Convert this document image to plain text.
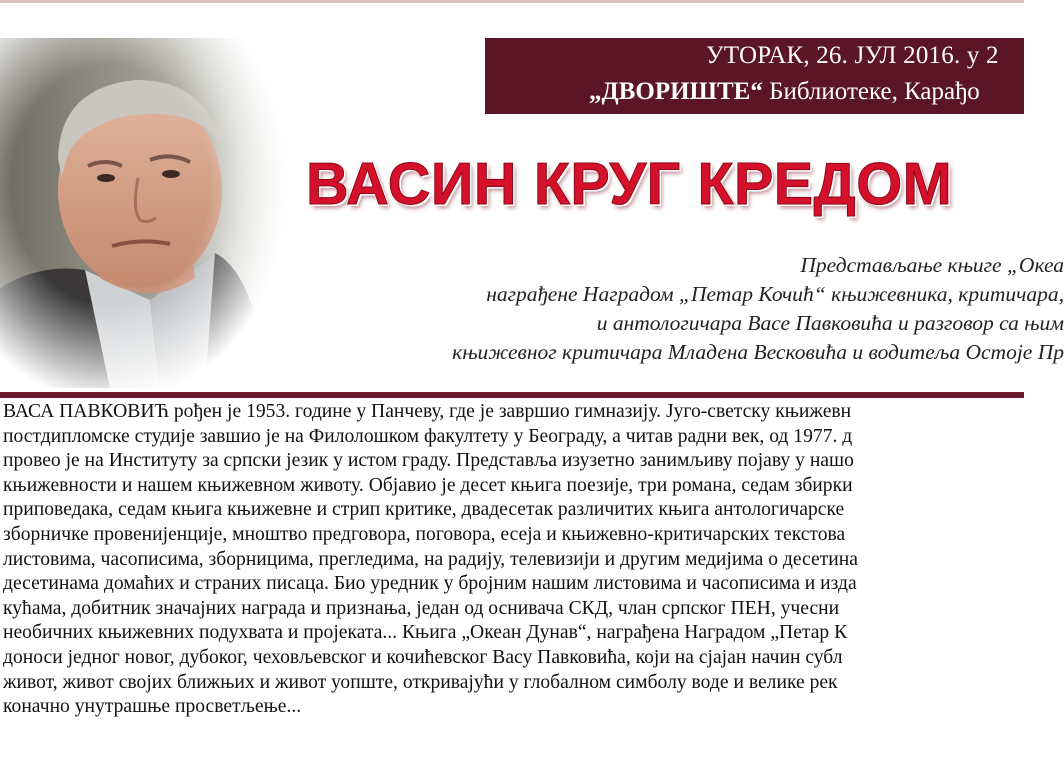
УТОРАК, 26. ЈУЛ 2016. у 2
„ДВОРИШТЕ“ Библиотеке, Карађо
ВАСИН КРУГ КРЕДОМ
Представљање књиге „Океа
награђене Наградом „Петар Кочић“ књижевника, критичара,
и антологичара Васе Павковића и разговор са њим
књижевног критичара Младена Весковића и водитеља Остоје Пр
ВАСА ПАВКОВИЋ рођен је 1953. године у Панчеву, где је завршио гимназију. Југо-светску књижевн
постдипломске студије завшио је на Филолошком факултету у Београду, а читав радни век, од 1977. д
провео је на Институту за српски језик у истом граду. Представља изузетно занимљиву појаву у нашо
књижевности и нашем књижевном животу. Објавио је десет књига поезије, три романа, седам збирки
приповедака, седам књига књижевне и стрип критике, двадесетак различитих књига антологичарске
зборничке провенијенције, мноштво предговора, поговора, есеја и књижевно-критичарских текстова
листовима, часописима, зборницима, прегледима, на радију, телевизији и другим медијима о десетина
десетинама домаћих и страних писаца. Био уредник у бројним нашим листовима и часописима и изда
кућама, добитник значајних награда и признања, један од оснивача СКД, члан српског ПЕН, учесни
необичних књижевних подухвата и пројеката... Књига „Океан Дунав“, награђена Наградом „Петар К
доноси једног новог, дубоког, чеховљевског и кочићевског Васу Павковића, који на сјајан начин субл
живот, живот својих ближњих и живот уопште, откривајући у глобалном симболу воде и велике рек
коначно унутрашње просветљење...
